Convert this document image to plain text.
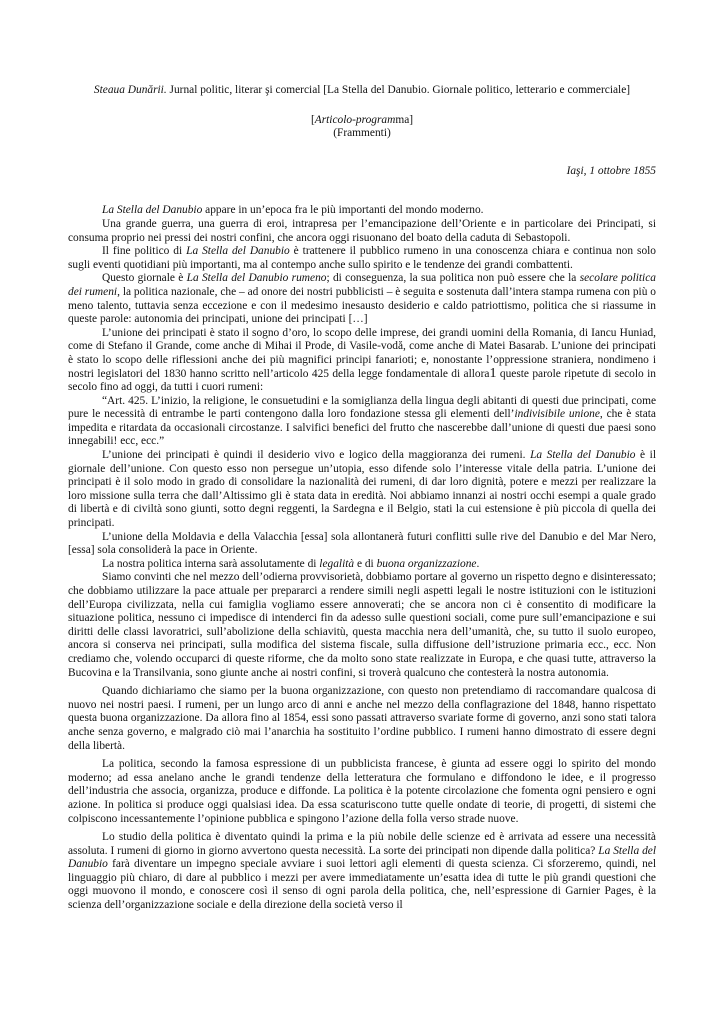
Steaua Dunării. Jurnal politic, literar şi comercial [La Stella del Danubio. Giornale politico, letterario e commerciale]
[Articolo-programma]
(Frammenti)
Iaşi, 1 ottobre 1855

La Stella del Danubio appare in un’epoca fra le più importanti del mondo moderno.

Una grande guerra, una guerra di eroi, intrapresa per l’emancipazione dell’Oriente e in particolare dei Principati, si consuma proprio nei pressi dei nostri confini, che ancora oggi risuonano del boato della caduta di Sebastopoli.

Il fine politico di La Stella del Danubio è trattenere il pubblico rumeno in una conoscenza chiara e continua non solo sugli eventi quotidiani più importanti, ma al contempo anche sullo spirito e le tendenze dei grandi combattenti.

Questo giornale è La Stella del Danubio rumeno; di conseguenza, la sua politica non può essere che la secolare politica dei rumeni, la politica nazionale, che – ad onore dei nostri pubblicisti – è seguita e sostenuta dall’intera stampa rumena con più o meno talento, tuttavia senza eccezione e con il medesimo inesausto desiderio e caldo patriottismo, politica che si riassume in queste parole: autonomia dei principati, unione dei principati […]

L’unione dei principati è stato il sogno d’oro, lo scopo delle imprese, dei grandi uomini della Romania, di Iancu Huniad, come di Stefano il Grande, come anche di Mihai il Prode, di Vasile-vodă, come anche di Matei Basarab. L’unione dei principati è stato lo scopo delle riflessioni anche dei più magnifici principi fanarioti; e, nonostante l’oppressione straniera, nondimeno i nostri legislatori del 1830 hanno scritto nell’articolo 425 della legge fondamentale di allora1 queste parole ripetute di secolo in secolo fino ad oggi, da tutti i cuori rumeni:

“Art. 425. L’inizio, la religione, le consuetudini e la somiglianza della lingua degli abitanti di questi due principati, come pure le necessità di entrambe le parti contengono dalla loro fondazione stessa gli elementi dell’indivisibile unione, che è stata impedita e ritardata da occasionali circostanze. I salvifici benefici del frutto che nascerebbe dall’unione di questi due paesi sono innegabili! ecc, ecc.”

L’unione dei principati è quindi il desiderio vivo e logico della maggioranza dei rumeni. La Stella del Danubio è il giornale dell’unione. Con questo esso non persegue un’utopia, esso difende solo l’interesse vitale della patria. L’unione dei principati è il solo modo in grado di consolidare la nazionalità dei rumeni, di dar loro dignità, potere e mezzi per realizzare la loro missione sulla terra che dall’Altissimo gli è stata data in eredità. Noi abbiamo innanzi ai nostri occhi esempi a quale grado di libertà e di civiltà sono giunti, sotto degni reggenti, la Sardegna e il Belgio, stati la cui estensione è più piccola di quella dei principati.

L’unione della Moldavia e della Valacchia [essa] sola allontanerà futuri conflitti sulle rive del Danubio e del Mar Nero, [essa] sola consoliderà la pace in Oriente.

La nostra politica interna sarà assolutamente di legalità e di buona organizzazione.

Siamo convinti che nel mezzo dell’odierna provvisorietà, dobbiamo portare al governo un rispetto degno e disinteressato; che dobbiamo utilizzare la pace attuale per prepararci a rendere simili negli aspetti legali le nostre istituzioni con le istituzioni dell’Europa civilizzata, nella cui famiglia vogliamo essere annoverati; che se ancora non ci è consentito di modificare la situazione politica, nessuno ci impedisce di intenderci fin da adesso sulle questioni sociali, come pure sull’emancipazione e sui diritti delle classi lavoratrici, sull’abolizione della schiavitù, questa macchia nera dell’umanità, che, su tutto il suolo europeo, ancora si conserva nei principati, sulla modifica del sistema fiscale, sulla diffusione dell’istruzione primaria ecc., ecc. Non crediamo che, volendo occuparci di queste riforme, che da molto sono state realizzate in Europa, e che quasi tutte, attraverso la Bucovina e la Transilvania, sono giunte anche ai nostri confini, si troverà qualcuno che contesterà la nostra autonomia.

Quando dichiariamo che siamo per la buona organizzazione, con questo non pretendiamo di raccomandare qualcosa di nuovo nei nostri paesi. I rumeni, per un lungo arco di anni e anche nel mezzo della conflagrazione del 1848, hanno rispettato questa buona organizzazione. Da allora fino al 1854, essi sono passati attraverso svariate forme di governo, anzi sono stati talora anche senza governo, e malgrado ciò mai l’anarchia ha sostituito l’ordine pubblico. I rumeni hanno dimostrato di essere degni della libertà.

La politica, secondo la famosa espressione di un pubblicista francese, è giunta ad essere oggi lo spirito del mondo moderno; ad essa anelano anche le grandi tendenze della letteratura che formulano e diffondono le idee, e il progresso dell’industria che associa, organizza, produce e diffonde. La politica è la potente circolazione che fomenta ogni pensiero e ogni azione. In politica si produce oggi qualsiasi idea. Da essa scaturiscono tutte quelle ondate di teorie, di progetti, di sistemi che colpiscono incessantemente l’opinione pubblica e spingono l’azione della folla verso strade nuove.

Lo studio della politica è diventato quindi la prima e la più nobile delle scienze ed è arrivata ad essere una necessità assoluta. I rumeni di giorno in giorno avvertono questa necessità. La sorte dei principati non dipende dalla politica? La Stella del Danubio farà diventare un impegno speciale avviare i suoi lettori agli elementi di questa scienza. Ci sforzeremo, quindi, nel linguaggio più chiaro, di dare al pubblico i mezzi per avere immediatamente un’esatta idea di tutte le più grandi questioni che oggi muovono il mondo, e conoscere così il senso di ogni parola della politica, che, nell’espressione di Garnier Pages, è la scienza dell’organizzazione sociale e della direzione della società verso il
